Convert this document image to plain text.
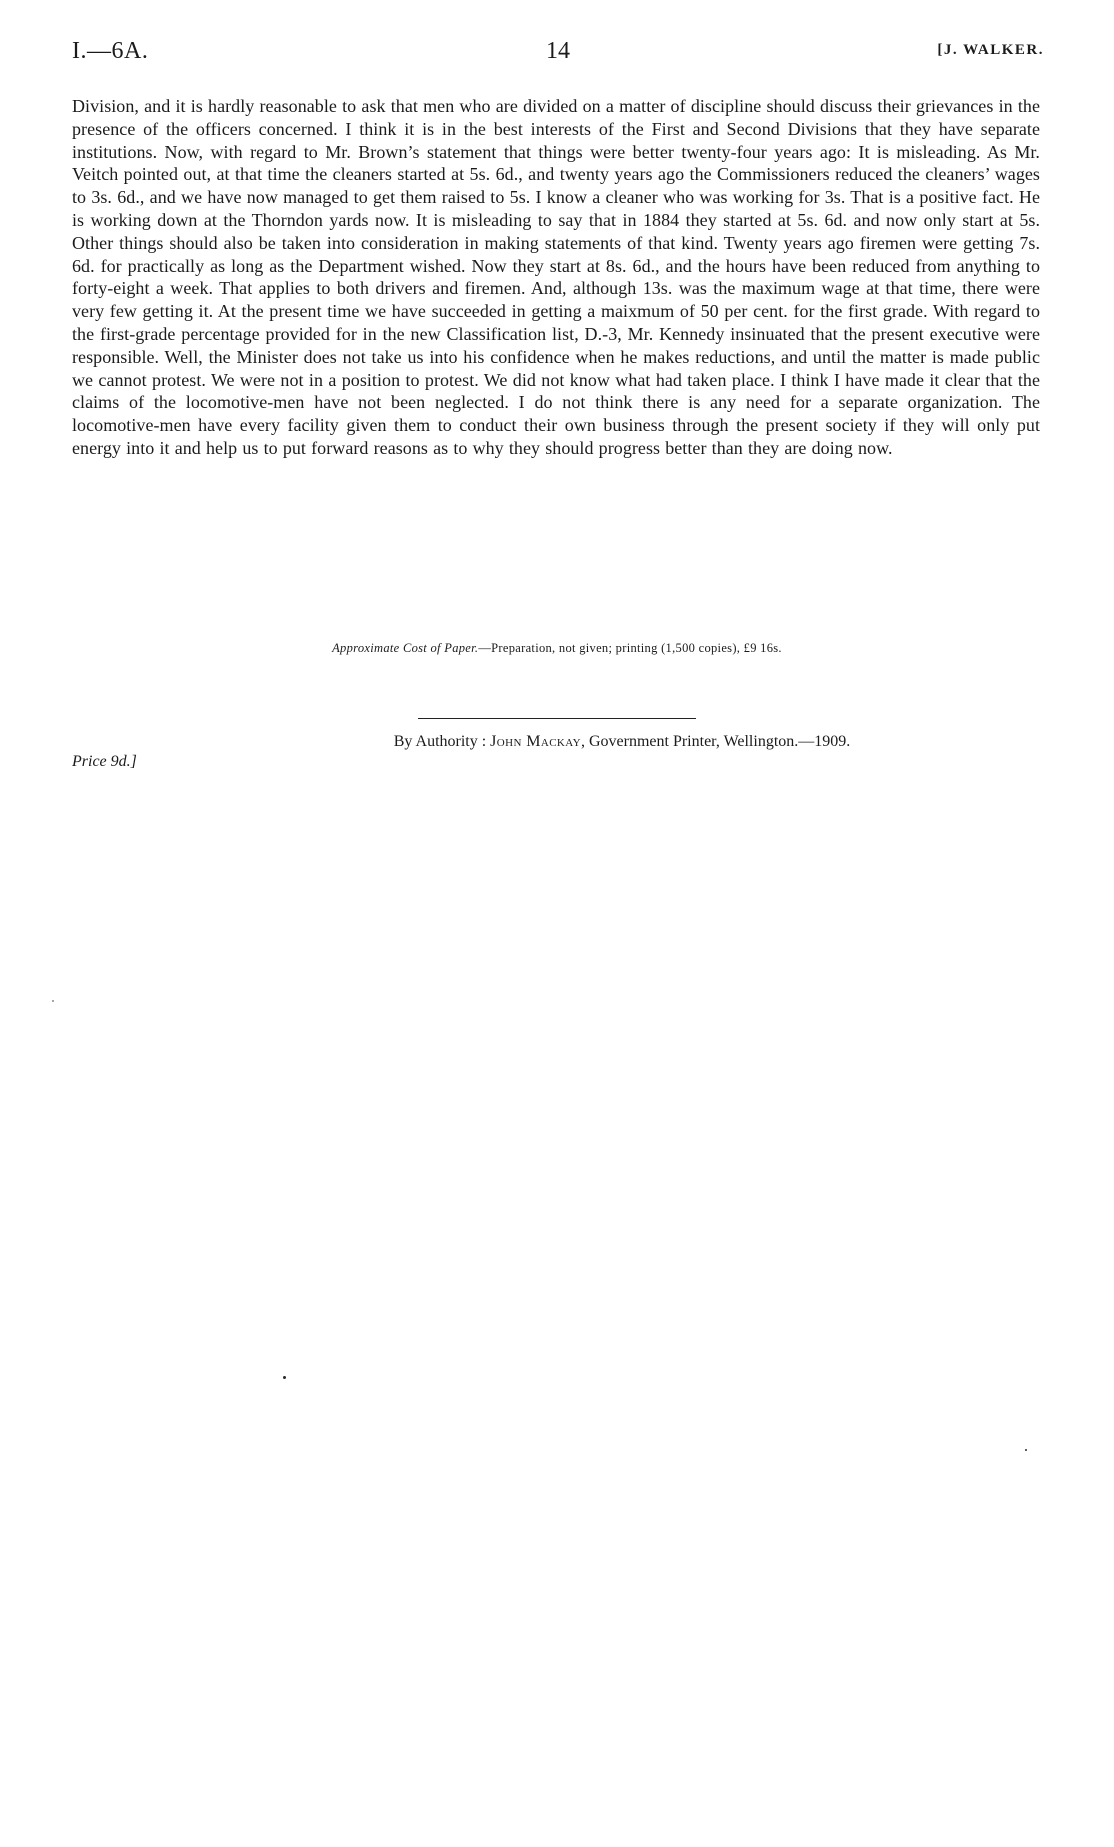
I.—6A.	14	[J. WALKER.

Division, and it is hardly reasonable to ask that men who are divided on a matter of discipline should discuss their grievances in the presence of the officers concerned. I think it is in the best interests of the First and Second Divisions that they have separate institutions. Now, with regard to Mr. Brown’s statement that things were better twenty-four years ago: It is misleading. As Mr. Veitch pointed out, at that time the cleaners started at 5s. 6d., and twenty years ago the Commissioners reduced the cleaners’ wages to 3s. 6d., and we have now managed to get them raised to 5s. I know a cleaner who was working for 3s. That is a positive fact. He is working down at the Thorndon yards now. It is misleading to say that in 1884 they started at 5s. 6d. and now only start at 5s. Other things should also be taken into consideration in making statements of that kind. Twenty years ago firemen were getting 7s. 6d. for practically as long as the Department wished. Now they start at 8s. 6d., and the hours have been reduced from anything to forty-eight a week. That applies to both drivers and firemen. And, although 13s. was the maximum wage at that time, there were very few getting it. At the present time we have succeeded in getting a maixmum of 50 per cent. for the first grade. With regard to the first-grade percentage provided for in the new Classification list, D.-3, Mr. Kennedy insinuated that the present executive were responsible. Well, the Minister does not take us into his confidence when he makes reductions, and until the matter is made public we cannot protest. We were not in a position to protest. We did not know what had taken place. I think I have made it clear that the claims of the locomotive-men have not been neglected. I do not think there is any need for a separate organization. The locomotive-men have every facility given them to conduct their own business through the present society if they will only put energy into it and help us to put forward reasons as to why they should progress better than they are doing now.

Approximate Cost of Paper.—Preparation, not given; printing (1,500 copies), £9 16s.
By Authority : John Mackay, Government Printer, Wellington.—1909.
Price 9d.]
